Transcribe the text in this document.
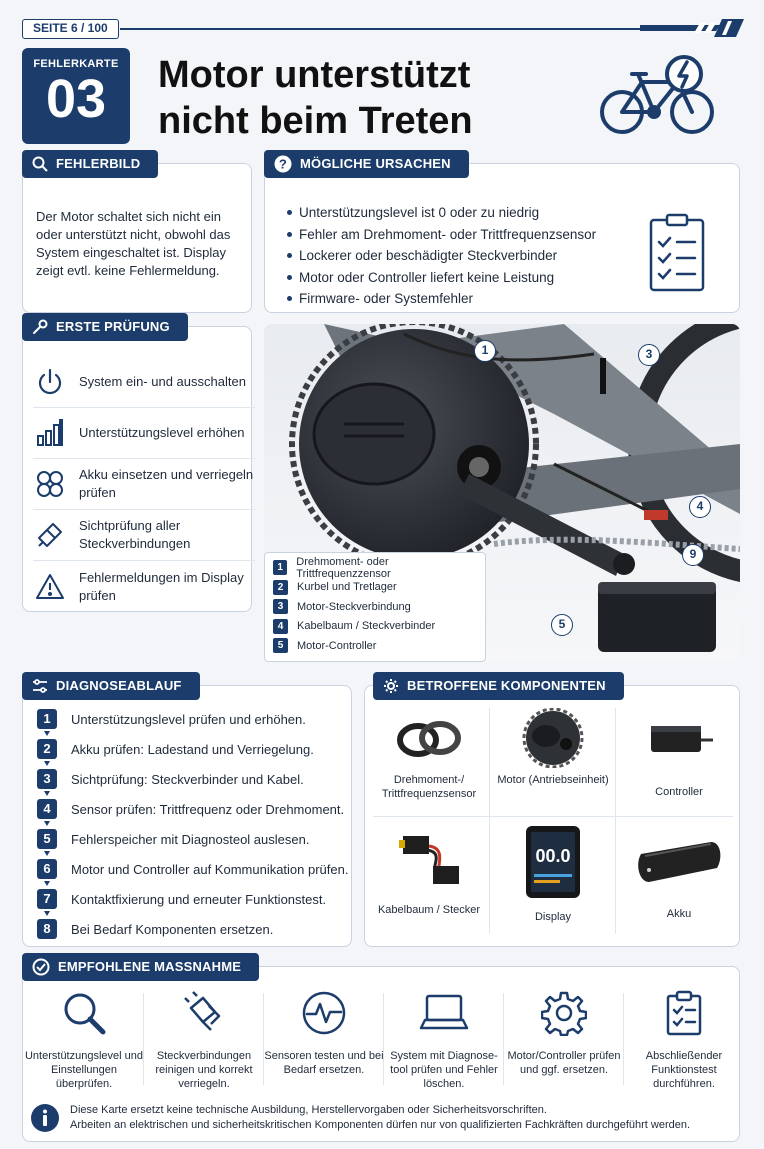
SEITE 6 / 100
FEHLERKARTE
03	Motor unterstützt
nicht beim Treten
FEHLERBILD
Der Motor schaltet sich nicht ein oder unterstützt nicht, obwohl das System eingeschaltet ist. Display zeigt evtl. keine Fehlermeldung.
? MÖGLICHE URSACHEN
Unterstützungslevel ist 0 oder zu niedrig
Fehler am Drehmoment- oder Trittfrequenzsensor
Lockerer oder beschädigter Steckverbinder
Motor oder Controller liefert keine Leistung
Firmware- oder Systemfehler
ERSTE PRÜFUNG
System ein- und ausschalten
Unterstützungslevel erhöhen
Akku einsetzen und verriegeln prüfen
Sichtprüfung aller Steckverbindungen
Fehlermeldungen im Display prüfen
1	3
4
9
5
1	Drehmoment- oder Trittfrequenzzensor
2	Kurbel und Tretlager
3	Motor-Steckverbindung
4	Kabelbaum / Steckverbinder
5	Motor-Controller
DIAGNOSEABLAUF
1	Unterstützungslevel prüfen und erhöhen.
2	Akku prüfen: Ladestand und Verriegelung.
3	Sichtprüfung: Steckverbinder und Kabel.
4	Sensor prüfen: Trittfrequenz oder Drehmoment.
5	Fehlerspeicher mit Diagnosteol auslesen.
6	Motor und Controller auf Kommunikation prüfen.
7	Kontaktfixierung und erneuter Funktionstest.
8	Bei Bedarf Komponenten ersetzen.
BETROFFENE KOMPONENTEN
Drehmoment-/ Trittfrequenzsensor
Motor (Antriebseinheit)
Controller
Kabelbaum / Stecker
00.0
Display	Akku
EMPFOHLENE MASSNAHME
Unterstützungslevel und Einstellungen überprüfen.
Steckverbindungen reinigen und korrekt verriegeln.
Sensoren testen und bei Bedarf ersetzen.
System mit Diagnose-tool prüfen und Fehler löschen.
Motor/Controller prüfen und ggf. ersetzen.
Abschließender Funktionstest durchführen.
Diese Karte ersetzt keine technische Ausbildung, Herstellervorgaben oder Sicherheitsvorschriften.
Arbeiten an elektrischen und sicherheitskritischen Komponenten dürfen nur von qualifizierten Fachkräften durchgeführt werden.
